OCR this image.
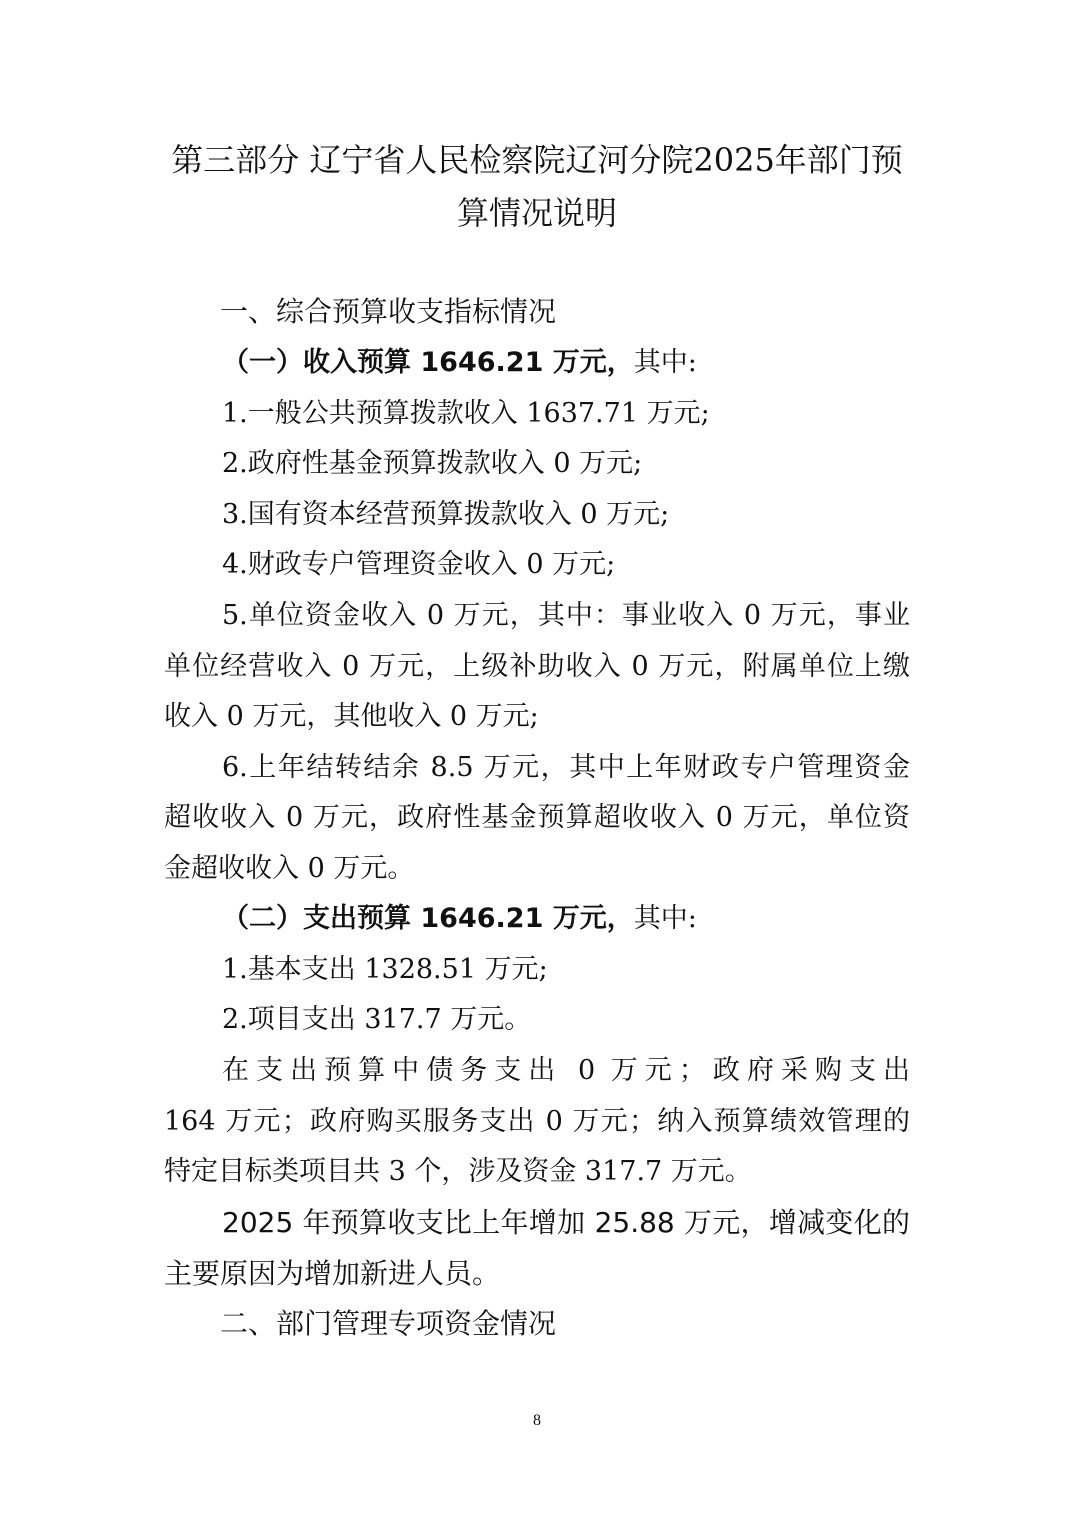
第三部分 辽宁省人民检察院辽河分院2025年部门预
算情况说明
一、综合预算收支指标情况
（一）收入预算 1646.21 万元，其中:
1.一般公共预算拨款收入 1637.71 万元;
2.政府性基金预算拨款收入 0 万元;
3.国有资本经营预算拨款收入 0 万元;
4.财政专户管理资金收入 0 万元;
5.单位资金收入 0 万元，其中：事业收入 0 万元，事业
单位经营收入 0 万元，上级补助收入 0 万元，附属单位上缴
收入 0 万元，其他收入 0 万元;
6.上年结转结余 8.5 万元，其中上年财政专户管理资金
超收收入 0 万元，政府性基金预算超收收入 0 万元，单位资
金超收收入 0 万元。
（二）支出预算 1646.21 万元，其中:
1.基本支出 1328.51 万元;
2.项目支出 317.7 万元。
在支出预算中债务支出 0 万元；政府采购支出
164 万元；政府购买服务支出 0 万元；纳入预算绩效管理的
特定目标类项目共 3 个，涉及资金 317.7 万元。
2025 年预算收支比上年增加 25.88 万元，增减变化的
主要原因为增加新进人员。
二、部门管理专项资金情况
8
